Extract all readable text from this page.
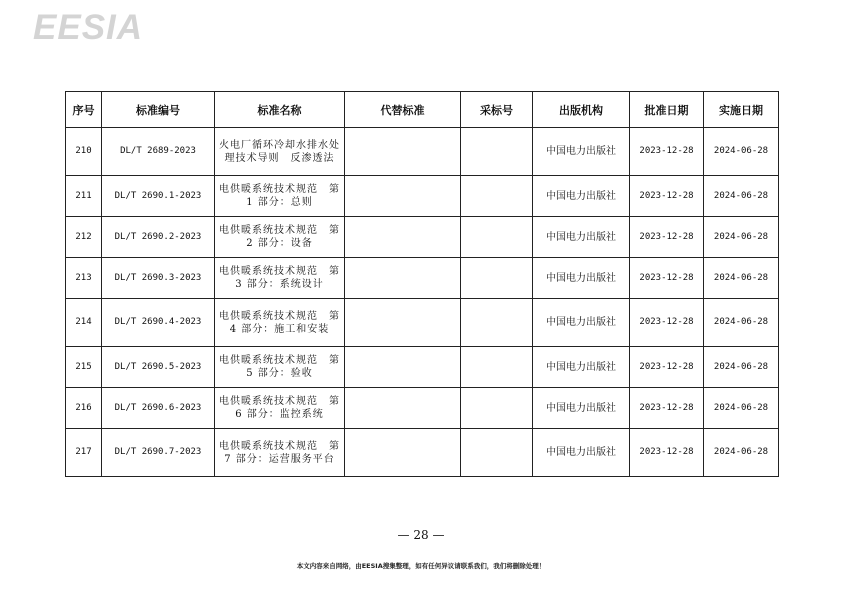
EESIA
序号	标准编号	标准名称	代替标准	采标号	出版机构	批准日期	实施日期
210	DL/T 2689-2023	火电厂循环冷却水排水处理技术导则　反渗透法			中国电力出版社	2023-12-28	2024-06-28
211	DL/T 2690.1-2023	电供暖系统技术规范　第 1 部分：总则			中国电力出版社	2023-12-28	2024-06-28
212	DL/T 2690.2-2023	电供暖系统技术规范　第 2 部分：设备			中国电力出版社	2023-12-28	2024-06-28
213	DL/T 2690.3-2023	电供暖系统技术规范　第 3 部分：系统设计			中国电力出版社	2023-12-28	2024-06-28
214	DL/T 2690.4-2023	电供暖系统技术规范　第 4 部分：施工和安装			中国电力出版社	2023-12-28	2024-06-28
215	DL/T 2690.5-2023	电供暖系统技术规范　第 5 部分：验收			中国电力出版社	2023-12-28	2024-06-28
216	DL/T 2690.6-2023	电供暖系统技术规范　第 6 部分：监控系统			中国电力出版社	2023-12-28	2024-06-28
217	DL/T 2690.7-2023	电供暖系统技术规范　第 7 部分：运营服务平台			中国电力出版社	2023-12-28	2024-06-28
— 28 —
本文内容来自网络，由EESIA搜集整理，如有任何异议请联系我们，我们将删除处理！
